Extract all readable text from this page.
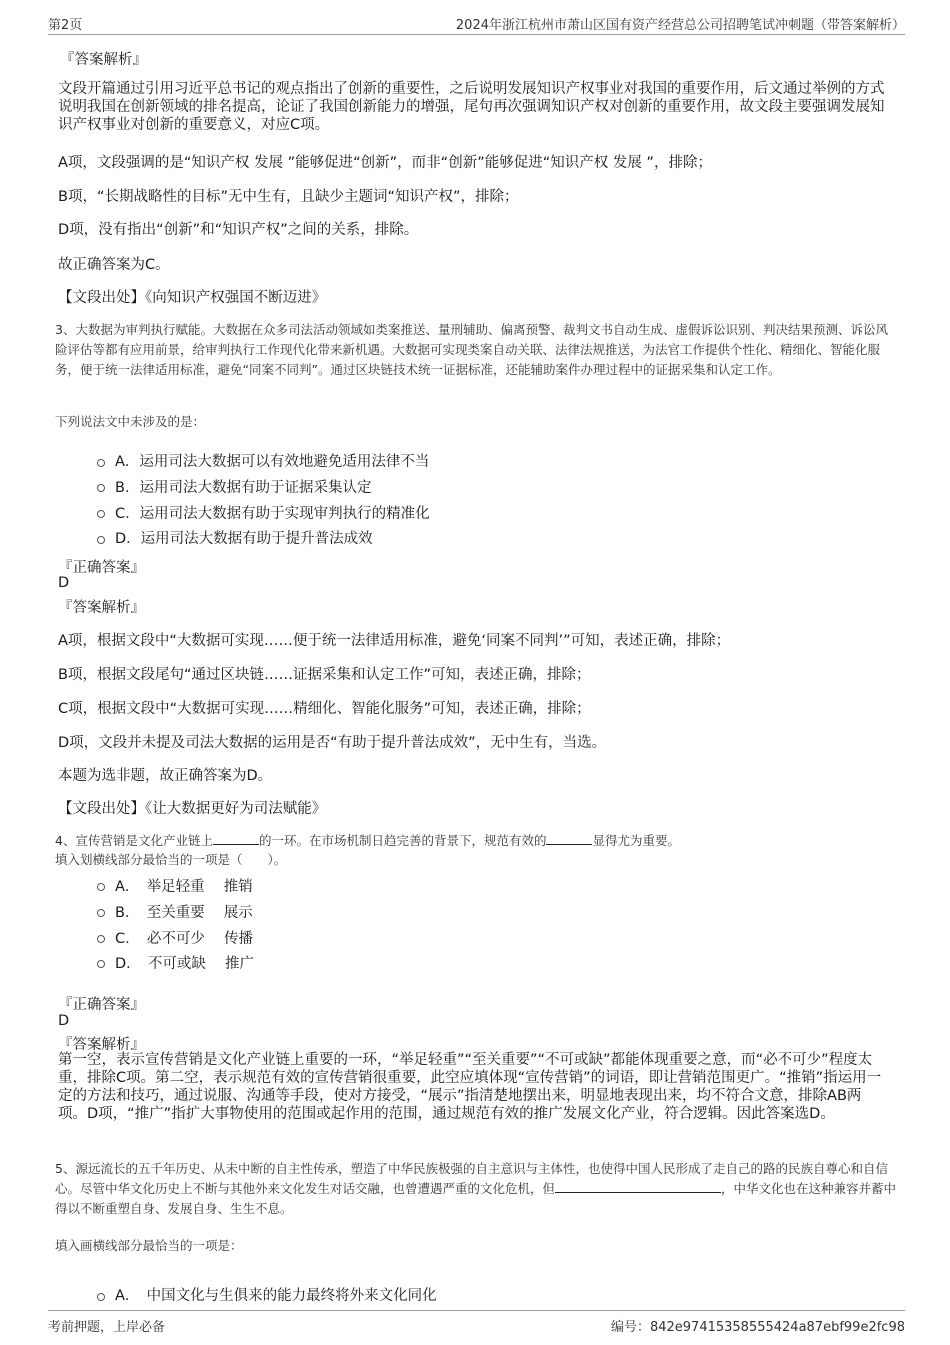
第2页	2024年浙江杭州市萧山区国有资产经营总公司招聘笔试冲刺题（带答案解析）
『答案解析』
文段开篇通过引用习近平总书记的观点指出了创新的重要性，之后说明发展知识产权事业对我国的重要作用，后文通过举例的方式说明我国在创新领域的排名提高，论证了我国创新能力的增强，尾句再次强调知识产权对创新的重要作用，故文段主要强调发展知识产权事业对创新的重要意义，对应C项。
A项，文段强调的是“知识产权 发展 ”能够促进“创新”，而非“创新”能够促进“知识产权 发展 ”，排除；
B项，“长期战略性的目标”无中生有，且缺少主题词“知识产权”，排除；
D项，没有指出“创新”和“知识产权”之间的关系，排除。
故正确答案为C。
【文段出处】《向知识产权强国不断迈进》
3、大数据为审判执行赋能。大数据在众多司法活动领域如类案推送、量刑辅助、偏离预警、裁判文书自动生成、虚假诉讼识别、判决结果预测、诉讼风险评估等都有应用前景，给审判执行工作现代化带来新机遇。大数据可实现类案自动关联、法律法规推送，为法官工作提供个性化、精细化、智能化服务，便于统一法律适用标准，避免“同案不同判”。通过区块链技术统一证据标准，还能辅助案件办理过程中的证据采集和认定工作。
下列说法文中未涉及的是：
A．运用司法大数据可以有效地避免适用法律不当
B．运用司法大数据有助于证据采集认定
C．运用司法大数据有助于实现审判执行的精准化
D．运用司法大数据有助于提升普法成效
『正确答案』
D
『答案解析』
A项，根据文段中“大数据可实现……便于统一法律适用标准，避免‘同案不同判’”可知，表述正确，排除；
B项，根据文段尾句“通过区块链……证据采集和认定工作”可知，表述正确，排除；
C项，根据文段中“大数据可实现……精细化、智能化服务”可知，表述正确，排除；
D项，文段并未提及司法大数据的运用是否“有助于提升普法成效”，无中生有，当选。
本题为选非题，故正确答案为D。
【文段出处】《让大数据更好为司法赋能》
4、宣传营销是文化产业链上	的一环。在市场机制日趋完善的背景下，规范有效的	显得尤为重要。
填入划横线部分最恰当的一项是（　　）。
A．　举足轻重　 推销
B．　至关重要　 展示
C．　必不可少　 传播
D．　不可或缺　 推广
『正确答案』
D
『答案解析』
第一空，表示宣传营销是文化产业链上重要的一环，“举足轻重”“至关重要”“不可或缺”都能体现重要之意，而“必不可少”程度太重，排除C项。第二空，表示规范有效的宣传营销很重要，此空应填体现“宣传营销”的词语，即让营销范围更广。“推销”指运用一定的方法和技巧，通过说服、沟通等手段，使对方接受，“展示”指清楚地摆出来，明显地表现出来，均不符合文意，排除AB两项。D项，“推广”指扩大事物使用的范围或起作用的范围，通过规范有效的推广发展文化产业，符合逻辑。因此答案选D。
5、源远流长的五千年历史、从未中断的自主性传承，塑造了中华民族极强的自主意识与主体性，也使得中国人民形成了走自己的路的民族自尊心和自信心。尽管中华文化历史上不断与其他外来文化发生对话交融，也曾遭遇严重的文化危机，但	，中华文化也在这种兼容并蓄中得以不断重塑自身、发展自身、生生不息。
填入画横线部分最恰当的一项是：
A．　中国文化与生俱来的能力最终将外来文化同化
考前押题，上岸必备	编号：842e97415358555424a87ebf99e2fc98
